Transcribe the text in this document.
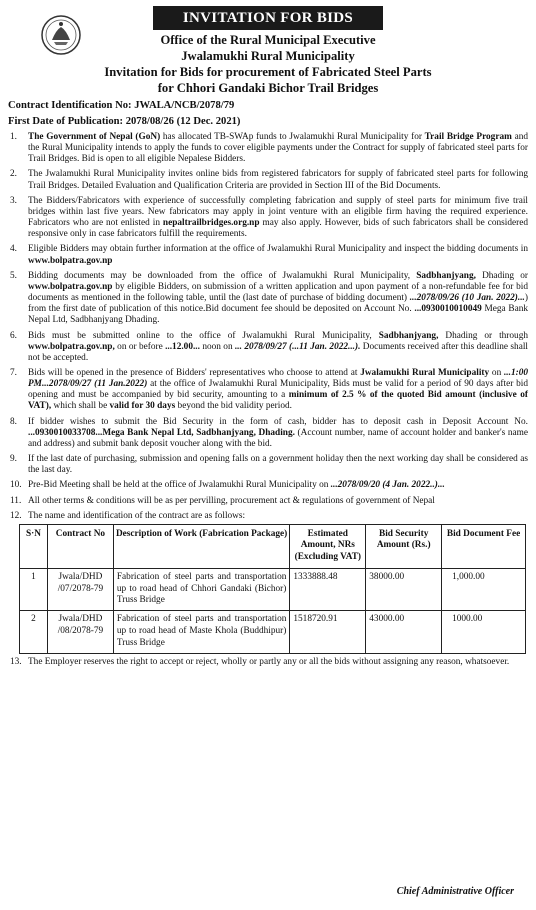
INVITATION FOR BIDS
Office of the Rural Municipal Executive
Jwalamukhi Rural Municipality
Invitation for Bids for procurement of Fabricated Steel Parts
for Chhori Gandaki Bichor Trail Bridges
Contract Identification No: JWALA/NCB/2078/79
First Date of Publication: 2078/08/26 (12 Dec. 2021)
1. The Government of Nepal (GoN) has allocated TB-SWAp funds to Jwalamukhi Rural Municipality for Trail Bridge Program and the Rural Municipality intends to apply the funds to cover eligible payments under the Contract for supply of fabricated steel parts for Trail Bridges. Bid is open to all eligible Nepalese Bidders.
2. The Jwalamukhi Rural Municipality invites online bids from registered fabricators for supply of fabricated steel parts for following Trail Bridges. Detailed Evaluation and Qualification Criteria are provided in Section III of the Bid Documents.
3. The Bidders/Fabricators with experience of successfully completing fabrication and supply of steel parts for minimum five trail bridges within last five years. New fabricators may apply in joint venture with an eligible firm having the required experience. Fabricators who are not enlisted in nepaltrailbridges.org.np may also apply. However, bids of such fabricators shall be considered responsive only in case fabricators fulfill the requirements.
4. Eligible Bidders may obtain further information at the office of Jwalamukhi Rural Municipality and inspect the bidding documents in www.bolpatra.gov.np
5. Bidding documents may be downloaded from the office of Jwalamukhi Rural Municipality, Sadbhanjyang, Dhading or www.bolpatra.gov.np by eligible Bidders, on submission of a written application and upon payment of a non-refundable fee for bid documents as mentioned in the following table, until the (last date of purchase of bidding document) ...2078/09/26 (10 Jan. 2022)...) from the first date of publication of this notice.Bid document fee should be deposited on Account No. ...0930010010049 Mega Bank Nepal Ltd, Sadbhanjyang Dhading.
6. Bids must be submitted online to the office of Jwalamukhi Rural Municipality, Sadbhanjyang, Dhading or through www.bolpatra.gov.np, on or before ...12.00... noon on ... 2078/09/27 (...11 Jan. 2022...). Documents received after this deadline shall not be accepted.
7. Bids will be opened in the presence of Bidders' representatives who choose to attend at Jwalamukhi Rural Municipality on ...1:00 PM...2078/09/27 (11 Jan.2022) at the office of Jwalamukhi Rural Municipality, Bids must be valid for a period of 90 days after bid opening and must be accompanied by bid security, amounting to a minimum of 2.5 % of the quoted Bid amount (inclusive of VAT), which shall be valid for 30 days beyond the bid validity period.
8. If bidder wishes to submit the Bid Security in the form of cash, bidder has to deposit cash in Deposit Account No. ...0930010033708...Mega Bank Nepal Ltd, Sadbhanjyang, Dhading. (Account number, name of account holder and banker's name and address) and submit bank deposit voucher along with the bid.
9. If the last date of purchasing, submission and opening falls on a government holiday then the next working day shall be considered as the last day.
10. Pre-Bid Meeting shall be held at the office of Jwalamukhi Rural Municipality on ...2078/09/20 (4 Jan. 2022..)...
11. All other terms & conditions will be as per pervilling, procurement act & regulations of government of Nepal
12. The name and identification of the contract are as follows:
S·N	Contract No	Description of Work (Fabrication Package)	Estimated Amount, NRs (Excluding VAT)	Bid Security Amount (Rs.)	Bid Document Fee
1	Jwala/DHD /07/2078-79	Fabrication of steel parts and transportation up to road head of Chhori Gandaki (Bichor) Truss Bridge	1333888.48	38000.00	1,000.00
2	Jwala/DHD /08/2078-79	Fabrication of steel parts and transportation up to road head of Maste Khola (Buddhipur) Truss Bridge	1518720.91	43000.00	1000.00
13. The Employer reserves the right to accept or reject, wholly or partly any or all the bids without assigning any reason, whatsoever.
Chief Administrative Officer
